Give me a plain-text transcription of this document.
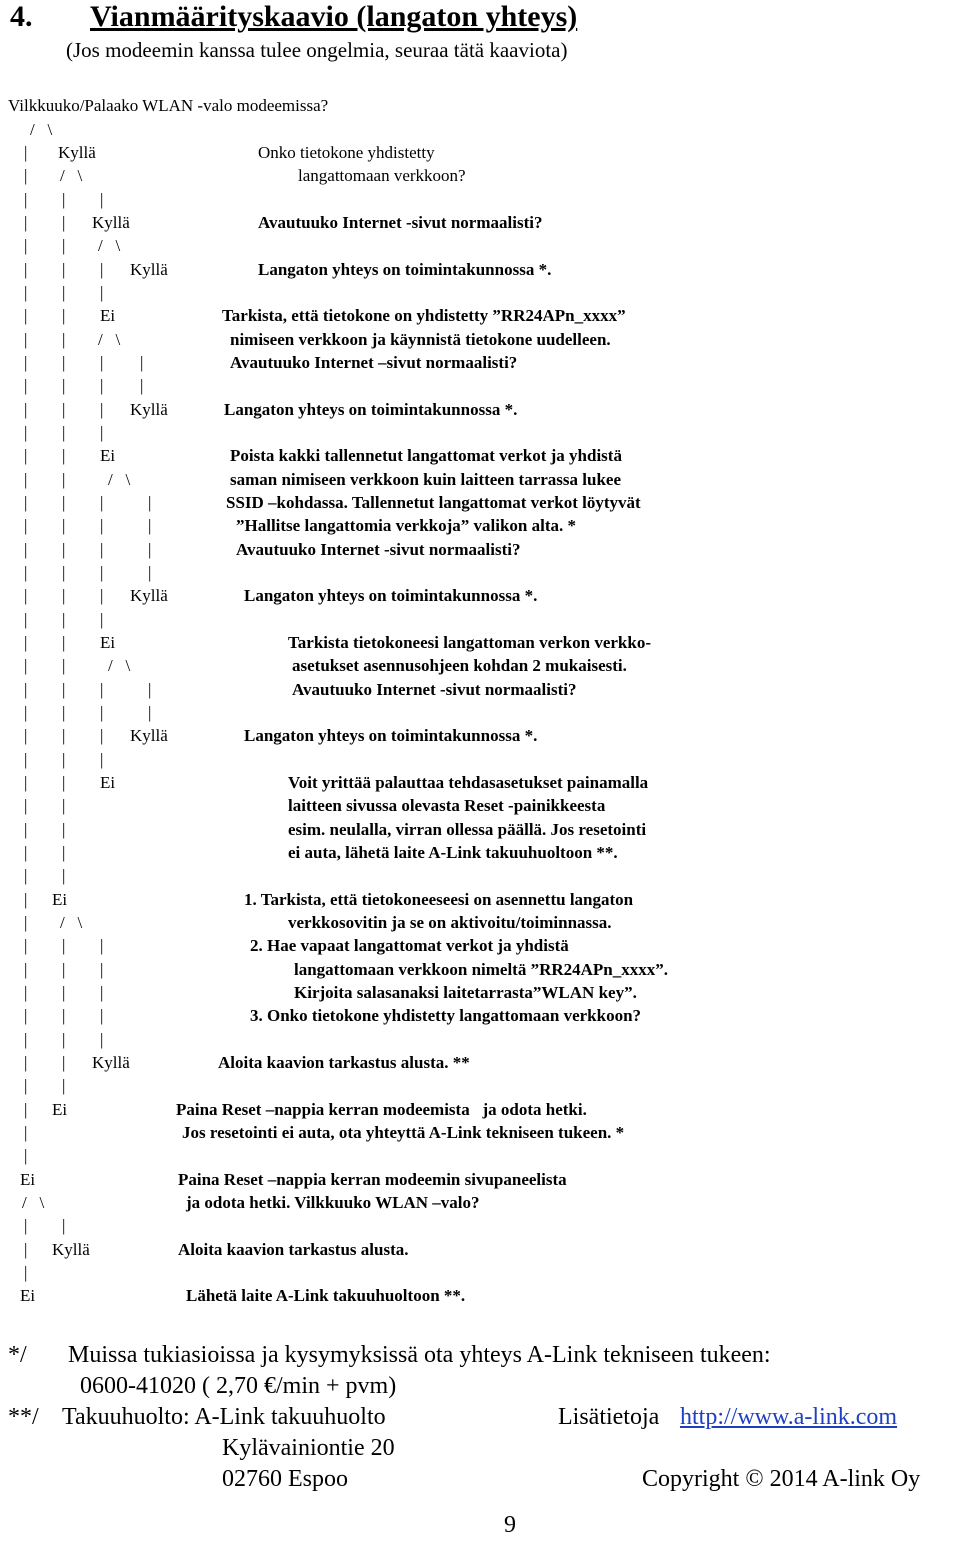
4.

Vianmäärityskaavio (langaton yhteys)

(Jos modeemin kanssa tulee ongelmia, seuraa tätä kaaviota)
Vilkkuuko/Palaako WLAN -valo modeemissa?
/   \
| Kyllä	Onko tietokone yhdistetty
| /   \	langattomaan verkkoon?
| | |
| | Kyllä	Avautuuko Internet -sivut normaalisti?
| | /   \
| | | Kyllä	Langaton yhteys on toimintakunnossa *.
| | |
| | Ei	Tarkista, että tietokone on yhdistetty ”RR24APn_xxxx”
| | /   \	nimiseen verkkoon ja käynnistä tietokone uudelleen.
| | | |	Avautuuko Internet –sivut normaalisti?
| | | |
| | | Kyllä	Langaton yhteys on toimintakunnossa *.
| | |
| | Ei	Poista kakki tallennetut langattomat verkot ja yhdistä
| |	/   \	saman nimiseen verkkoon kuin laitteen tarrassa lukee
| | |	|	SSID –kohdassa. Tallennetut langattomat verkot löytyvät
| | |	|	”Hallitse langattomia verkkoja” valikon alta. *
| | |	|	Avautuuko Internet -sivut normaalisti?
| | |	|
| | | Kyllä	Langaton yhteys on toimintakunnossa *.
| | |
| | Ei	Tarkista tietokoneesi langattoman verkon verkko-
| |	/   \	asetukset asennusohjeen kohdan 2 mukaisesti.
| | |	|	Avautuuko Internet -sivut normaalisti?
| | |	|
| | | Kyllä	Langaton yhteys on toimintakunnossa *.
| | |
| | Ei	Voit yrittää palauttaa tehdasasetukset painamalla
| |	laitteen sivussa olevasta Reset -painikkeesta
| |	esim. neulalla, virran ollessa päällä. Jos resetointi
| |	ei auta, lähetä laite A-Link takuuhuoltoon **.
| |
| Ei	1. Tarkista, että tietokoneeseesi on asennettu langaton
| /   \	verkkosovitin ja se on aktivoitu/toiminnassa.
| | |	2. Hae vapaat langattomat verkot ja yhdistä
| | |	langattomaan verkkoon nimeltä ”RR24APn_xxxx”.
| | |	Kirjoita salasanaksi laitetarrasta”WLAN key”.
| | |	3. Onko tietokone yhdistetty langattomaan verkkoon?
| | |
| | Kyllä	Aloita kaavion tarkastus alusta. **
| |
| Ei	Paina Reset –nappia kerran modeemista   ja odota hetki.
|	Jos resetointi ei auta, ota yhteyttä A-Link tekniseen tukeen. *
|
Ei	Paina Reset –nappia kerran modeemin sivupaneelista
/   \	ja odota hetki. Vilkkuuko WLAN –valo?
| |
| Kyllä	Aloita kaavion tarkastus alusta.
|
Ei	Lähetä laite A-Link takuuhuoltoon **.
*/ Muissa tukiasioissa ja kysymyksissä ota yhteys A-Link tekniseen tukeen:
0600-41020 ( 2,70 €/min + pvm)
**/ Takuuhuolto: A-Link takuuhuolto	Lisätietoja http://www.a-link.com
Kylävainiontie 20
02760 Espoo	Copyright © 2014 A-link Oy
9
